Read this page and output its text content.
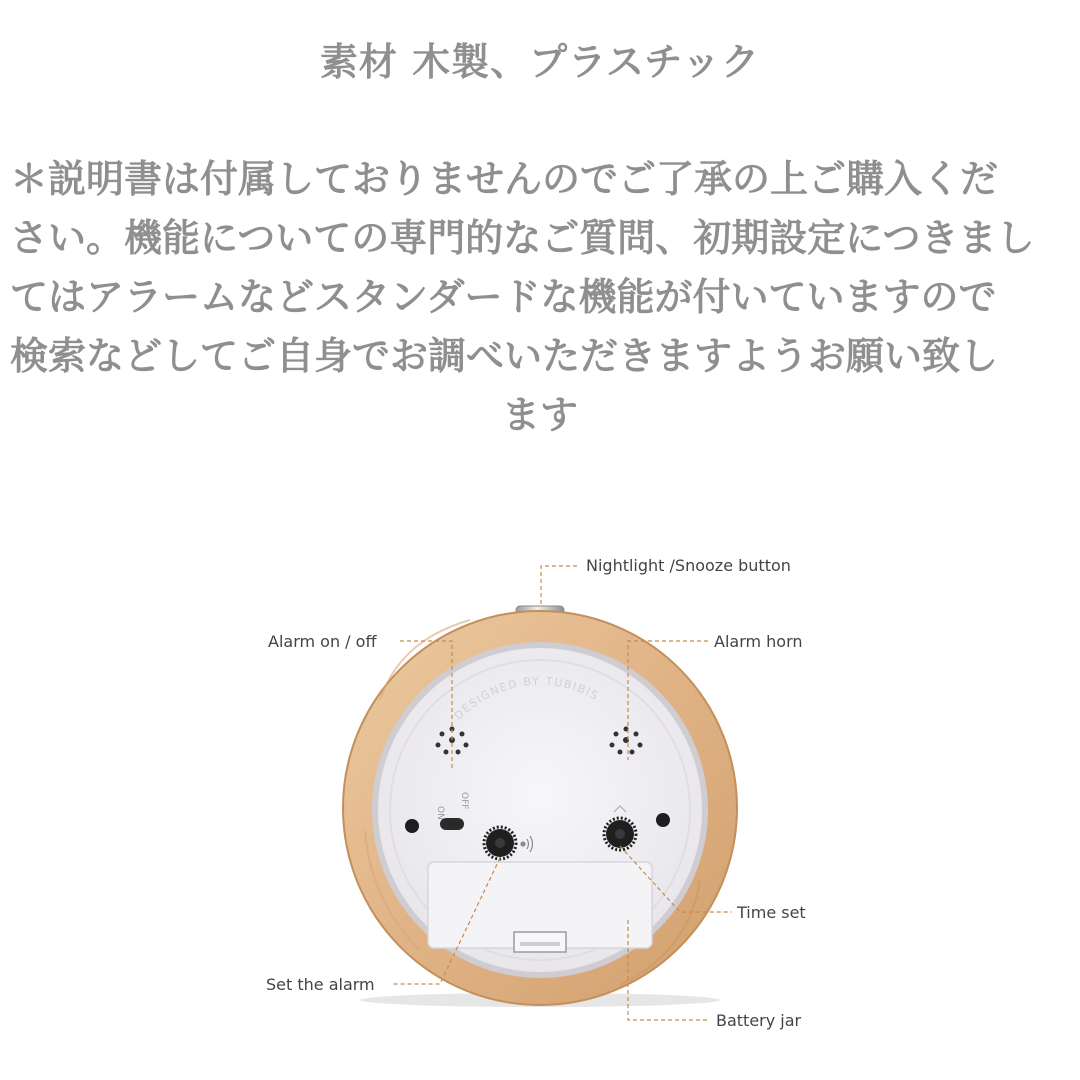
素材 木製、プラスチック
＊説明書は付属しておりませんのでご了承の上ご購入くだ
さい。機能についての専門的なご質問、初期設定につきまし
てはアラームなどスタンダードな機能が付いていますので
検索などしてご自身でお調べいただきますようお願い致し
ます
DESIGNED BY TUBIBIS
ON
OFF
Nightlight /Snooze button
Alarm on / off	Alarm horn
Time set
Set the alarm
Battery jar
